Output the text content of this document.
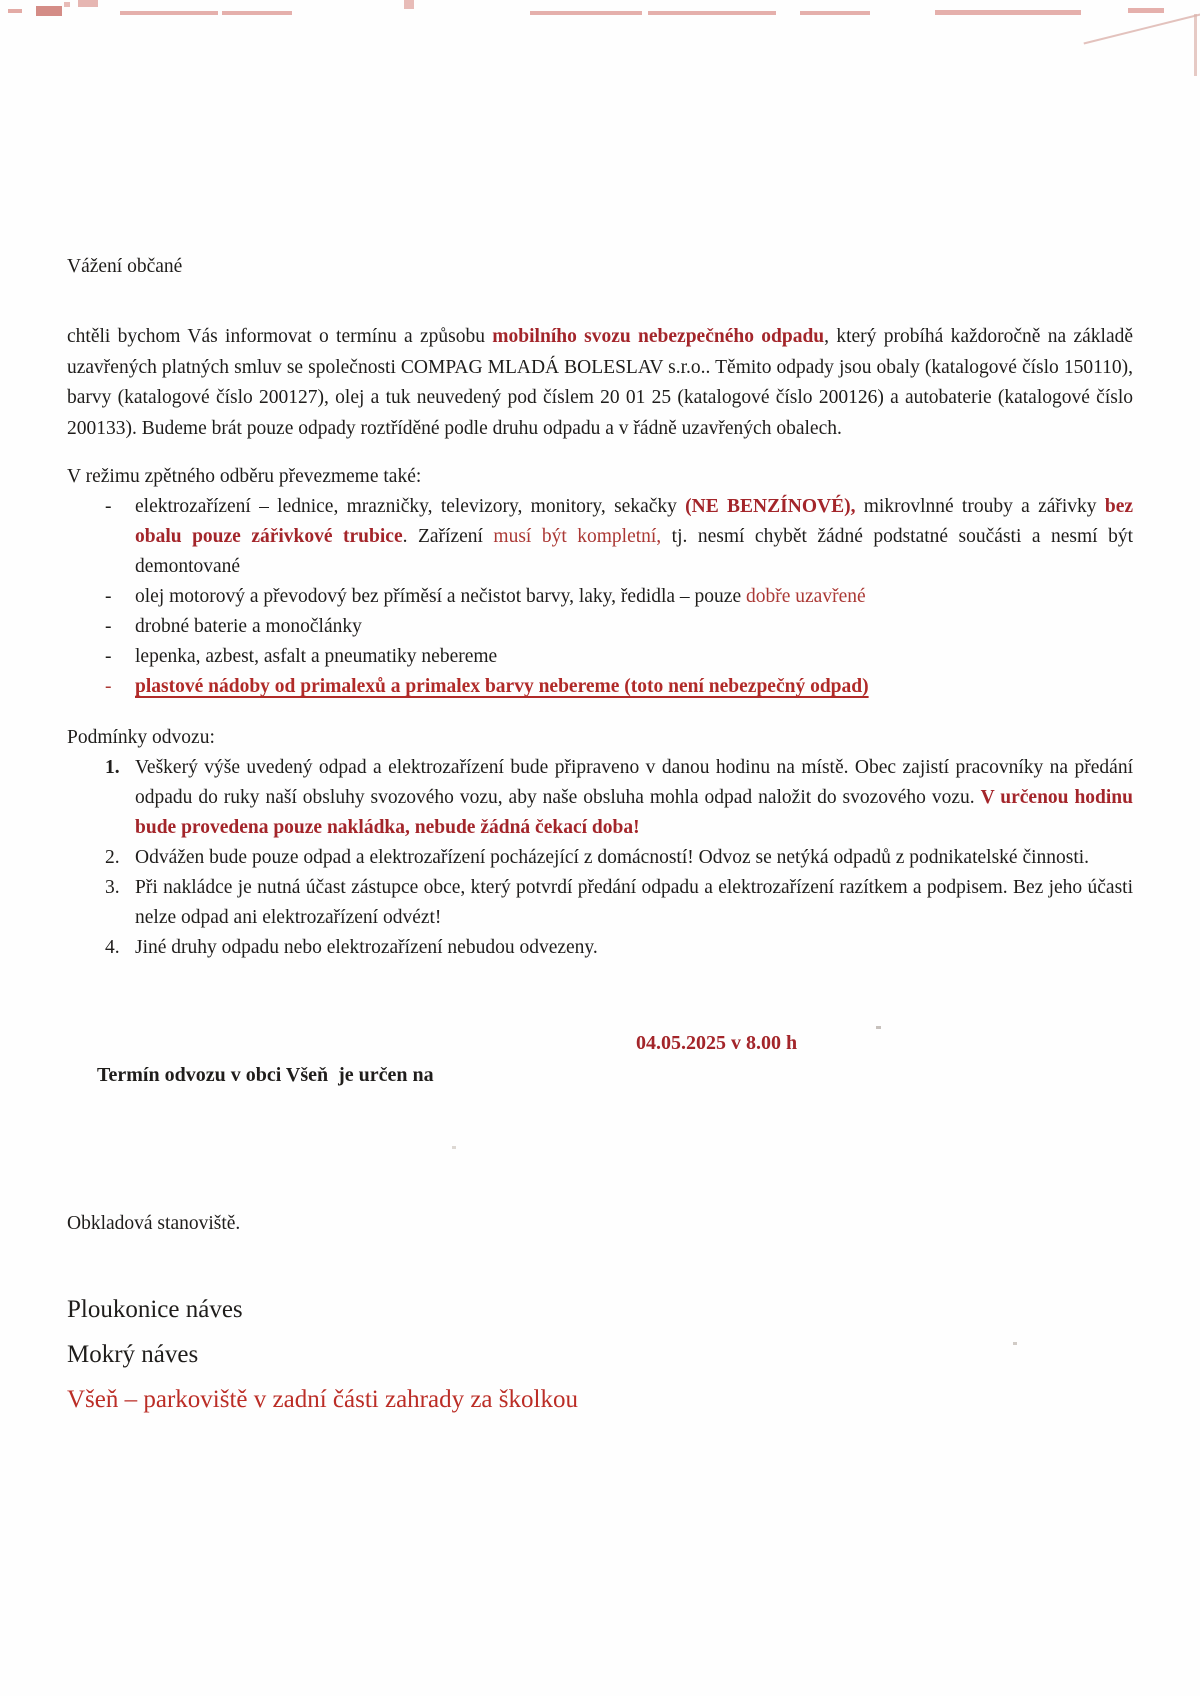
Vážení občané

chtěli bychom Vás informovat o termínu a způsobu mobilního svozu nebezpečného odpadu, který probíhá každoročně na základě uzavřených platných smluv se společnosti COMPAG MLADÁ BOLESLAV s.r.o.. Těmito odpady jsou obaly (katalogové číslo 150110), barvy (katalogové číslo 200127), olej a tuk neuvedený pod číslem 20 01 25 (katalogové číslo 200126) a autobaterie (katalogové číslo 200133). Budeme brát pouze odpady roztříděné podle druhu odpadu a v řádně uzavřených obalech.

V režimu zpětného odběru převezmeme také:

- elektrozařízení – lednice, mrazničky, televizory, monitory, sekačky (NE BENZÍNOVÉ), mikrovlnné trouby a zářivky bez obalu pouze zářivkové trubice. Zařízení musí být kompletní, tj. nesmí chybět žádné podstatné součásti a nesmí být demontované
- olej motorový a převodový bez příměsí a nečistot barvy, laky, ředidla – pouze dobře uzavřené
- drobné baterie a monočlánky
- lepenka, azbest, asfalt a pneumatiky nebereme
- plastové nádoby od primalexů a primalex barvy nebereme (toto není nebezpečný odpad)

Podmínky odvozu:

1. Veškerý výše uvedený odpad a elektrozařízení bude připraveno v danou hodinu na místě. Obec zajistí pracovníky na předání odpadu do ruky naší obsluhy svozového vozu, aby naše obsluha mohla odpad naložit do svozového vozu. V určenou hodinu bude provedena pouze nakládka, nebude žádná čekací doba!
2. Odvážen bude pouze odpad a elektrozařízení pocházející z domácností! Odvoz se netýká odpadů z podnikatelské činnosti.
3. Při nakládce je nutná účast zástupce obce, který potvrdí předání odpadu a elektrozařízení razítkem a podpisem. Bez jeho účasti nelze odpad ani elektrozařízení odvézt!
4. Jiné druhy odpadu nebo elektrozařízení nebudou odvezeny.

Termín odvozu v obci Všeň  je určen na

04.05.2025 v 8.00 h

Obkladová stanoviště.

Ploukonice náves
Mokrý náves
Všeň – parkoviště v zadní části zahrady za školkou
